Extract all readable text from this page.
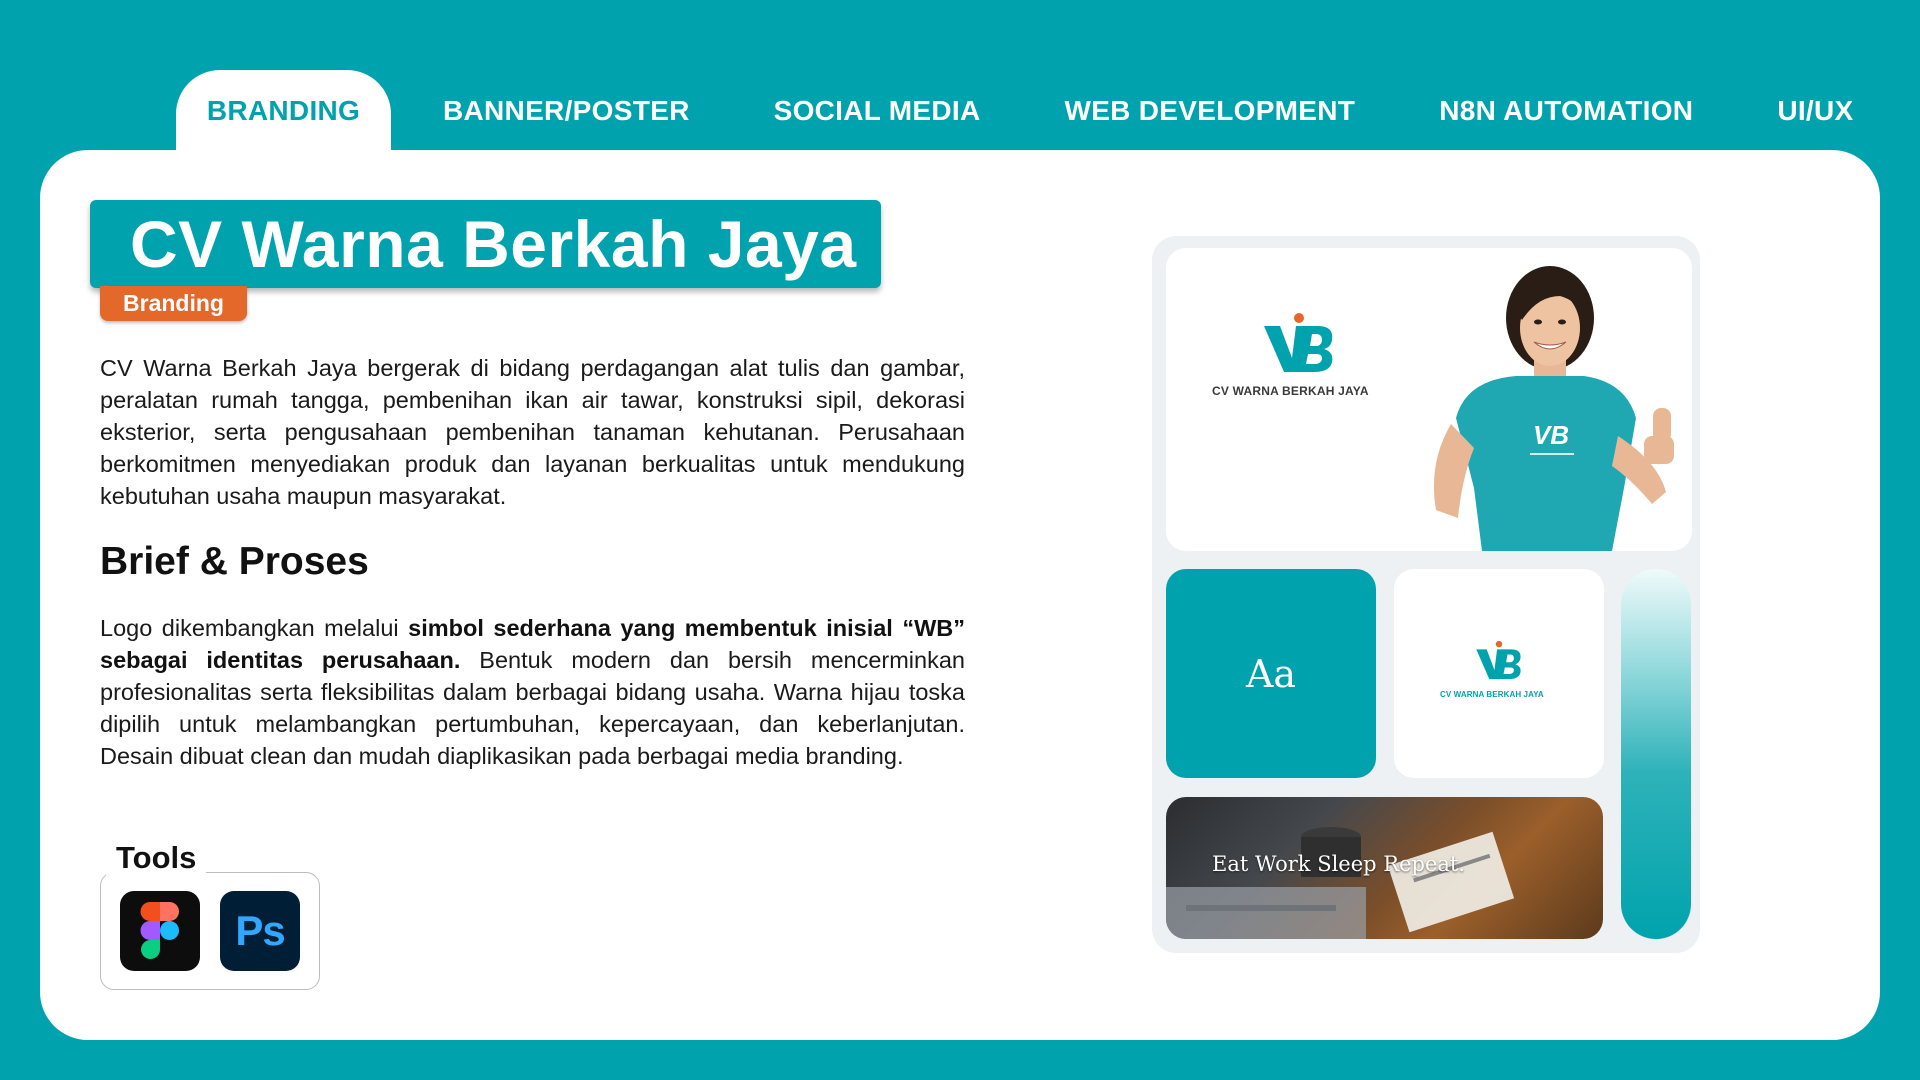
BRANDING	BANNER/POSTER	SOCIAL MEDIA	WEB DEVELOPMENT	N8N AUTOMATION	UI/UX
CV Warna Berkah Jaya
Branding

CV Warna Berkah Jaya bergerak di bidang perdagangan alat tulis dan gambar, peralatan rumah tangga, pembenihan ikan air tawar, konstruksi sipil, dekorasi eksterior, serta pengusahaan pembenihan tanaman kehutanan. Perusahaan berkomitmen menyediakan produk dan layanan berkualitas untuk mendukung kebutuhan usaha maupun masyarakat.

Brief & Proses

Logo dikembangkan melalui simbol sederhana yang membentuk inisial “WB” sebagai identitas perusahaan. Bentuk modern dan bersih mencerminkan profesionalitas serta fleksibilitas dalam berbagai bidang usaha. Warna hijau toska dipilih untuk melambangkan pertumbuhan, kepercayaan, dan keberlanjutan. Desain dibuat clean dan mudah diaplikasikan pada berbagai media branding.

Tools
Ps
VB
CV WARNA BERKAH JAYA
Aa	CV WARNA BERKAH JAYA
Eat Work Sleep Repeat.
